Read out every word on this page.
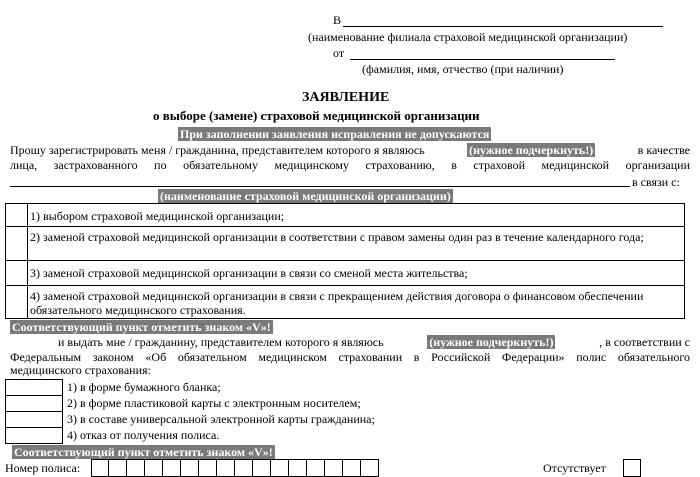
В
(наименование филиала страховой медицинской организации)
от
(фамилия, имя, отчество (при наличии)
ЗАЯВЛЕНИЕ
о выборе (замене) страховой медицинской организации
При заполнении заявления исправления не допускаются
Прошу зарегистрировать меня / гражданина, представителем которого я являюсь	(нужное подчеркнуть!)	в качестве
лица, застрахованного по обязательному медицинскому страхованию, в страховой медицинской организации
в связи с:
(наименование страховой медицинской организации)
	1) выбором страховой медицинской организации;
	2) заменой страховой медицинской организации в соответствии с правом замены один раз в течение календарного года;
	3) заменой страховой медицинской организации в связи со сменой места жительства;
	4) заменой страховой медицинской организации в связи с прекращением действия договора о финансовом обеспечении обязательного медицинского страхования.
Соответствующий пункт отметить знаком «V»!
и выдать мне / гражданину, представителем которого я являюсь	(нужное подчеркнуть!)	, в соответствии с
Федеральным законом «Об обязательном медицинском страховании в Российской Федерации» полис обязательного
медицинского страхования:
1) в форме бумажного бланка;
2) в форме пластиковой карты с электронным носителем;
3) в составе универсальной электронной карты гражданина;
4) отказ от получения полиса.
Соответствующий пункт отметить знаком «V»!
Номер полиса:	Отсутствует
